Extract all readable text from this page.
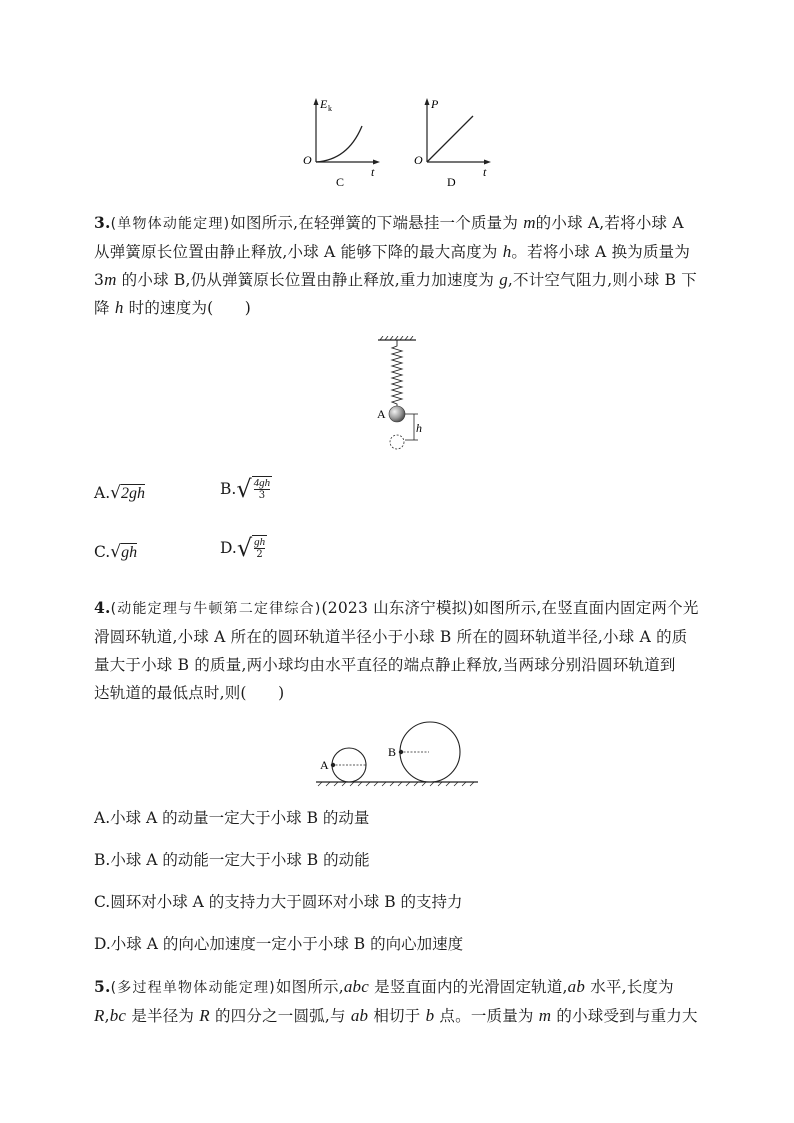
E k
t
O
C
P
t
O
D
3.(单物体动能定理)如图所示,在轻弹簧的下端悬挂一个质量为 m的小球 A,若将小球 A
从弹簧原长位置由静止释放,小球 A 能够下降的最大高度为 h。若将小球 A 换为质量为
3m 的小球 B,仍从弹簧原长位置由静止释放,重力加速度为 g,不计空气阻力,则小球 B 下
降 h 时的速度为(　　)
A
h
A.√2gh	$B.√ \frac{4gh}{3}$
C.√gh	$D.√ \frac{gh}{2}$
4.(动能定理与牛顿第二定律综合)(2023 山东济宁模拟)如图所示,在竖直面内固定两个光
滑圆环轨道,小球 A 所在的圆环轨道半径小于小球 B 所在的圆环轨道半径,小球 A 的质
量大于小球 B 的质量,两小球均由水平直径的端点静止释放,当两球分别沿圆环轨道到
达轨道的最低点时,则(　　)
A
B
A.小球 A 的动量一定大于小球 B 的动量
B.小球 A 的动能一定大于小球 B 的动能
C.圆环对小球 A 的支持力大于圆环对小球 B 的支持力
D.小球 A 的向心加速度一定小于小球 B 的向心加速度
5.(多过程单物体动能定理)如图所示,abc 是竖直面内的光滑固定轨道,ab 水平,长度为
R,bc 是半径为 R 的四分之一圆弧,与 ab 相切于 b 点。一质量为 m 的小球受到与重力大
